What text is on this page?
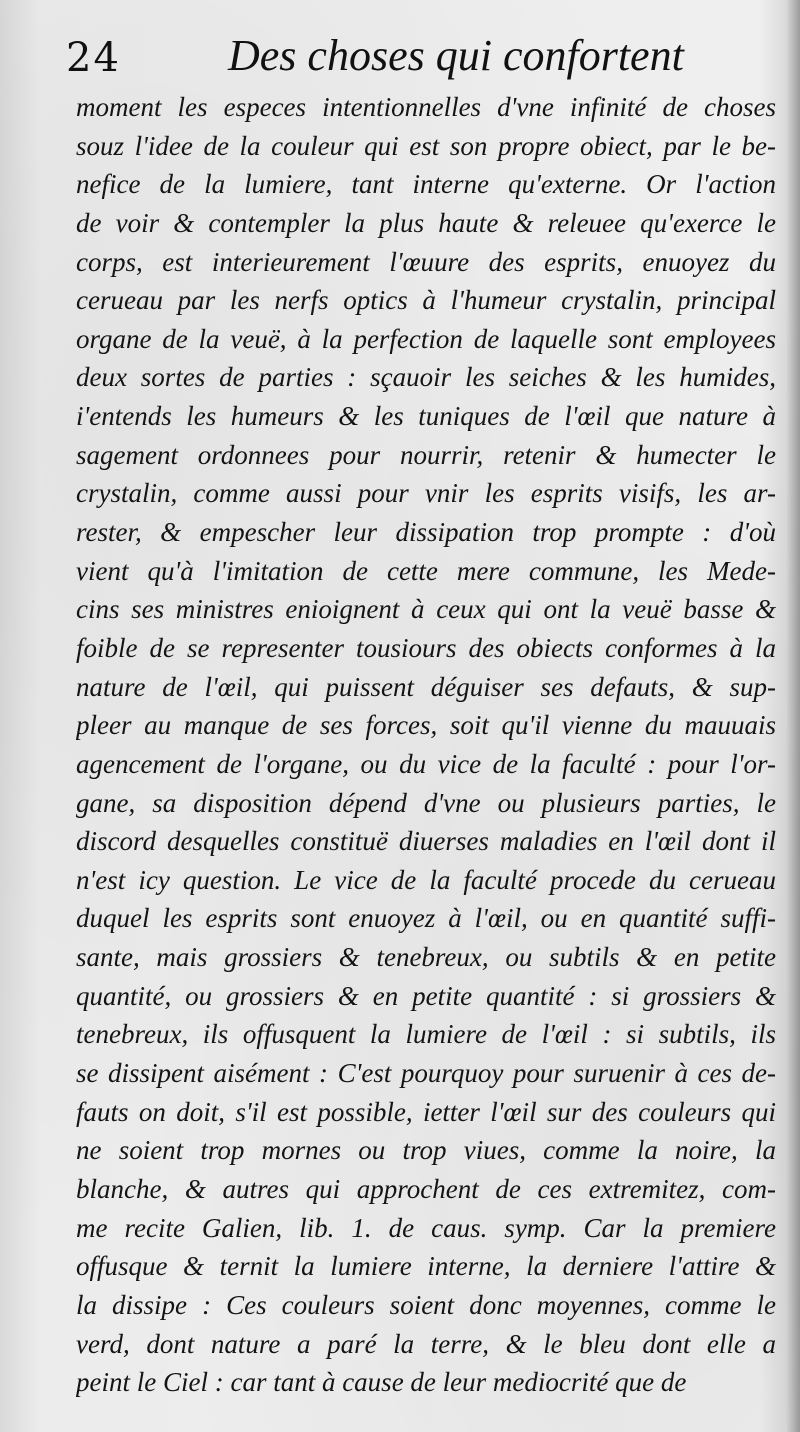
24 Des choses qui confortent
moment les especes intentionnelles d'vne infinité de choses
souz l'idee de la couleur qui est son propre obiect, par le be-
nefice de la lumiere, tant interne qu'externe. Or l'action
de voir & contempler la plus haute & releuee qu'exerce le
corps, est interieurement l'œuure des esprits, enuoyez du
cerueau par les nerfs optics à l'humeur crystalin, principal
organe de la veuë, à la perfection de laquelle sont employees
deux sortes de parties : sçauoir les seiches & les humides,
i'entends les humeurs & les tuniques de l'œil que nature à
sagement ordonnees pour nourrir, retenir & humecter le
crystalin, comme aussi pour vnir les esprits visifs, les ar-
rester, & empescher leur dissipation trop prompte : d'où
vient qu'à l'imitation de cette mere commune, les Mede-
cins ses ministres enioignent à ceux qui ont la veuë basse &
foible de se representer tousiours des obiects conformes à la
nature de l'œil, qui puissent déguiser ses defauts, & sup-
pleer au manque de ses forces, soit qu'il vienne du mauuais
agencement de l'organe, ou du vice de la faculté : pour l'or-
gane, sa disposition dépend d'vne ou plusieurs parties, le
discord desquelles constituë diuerses maladies en l'œil dont il
n'est icy question. Le vice de la faculté procede du cerueau
duquel les esprits sont enuoyez à l'œil, ou en quantité suffi-
sante, mais grossiers & tenebreux, ou subtils & en petite
quantité, ou grossiers & en petite quantité : si grossiers &
tenebreux, ils offusquent la lumiere de l'œil : si subtils, ils
se dissipent aisément : C'est pourquoy pour suruenir à ces de-
fauts on doit, s'il est possible, ietter l'œil sur des couleurs qui
ne soient trop mornes ou trop viues, comme la noire, la
blanche, & autres qui approchent de ces extremitez, com-
me recite Galien, lib. 1. de caus. symp. Car la premiere
offusque & ternit la lumiere interne, la derniere l'attire &
la dissipe : Ces couleurs soient donc moyennes, comme le
verd, dont nature a paré la terre, & le bleu dont elle a
peint le Ciel : car tant à cause de leur mediocrité que de
